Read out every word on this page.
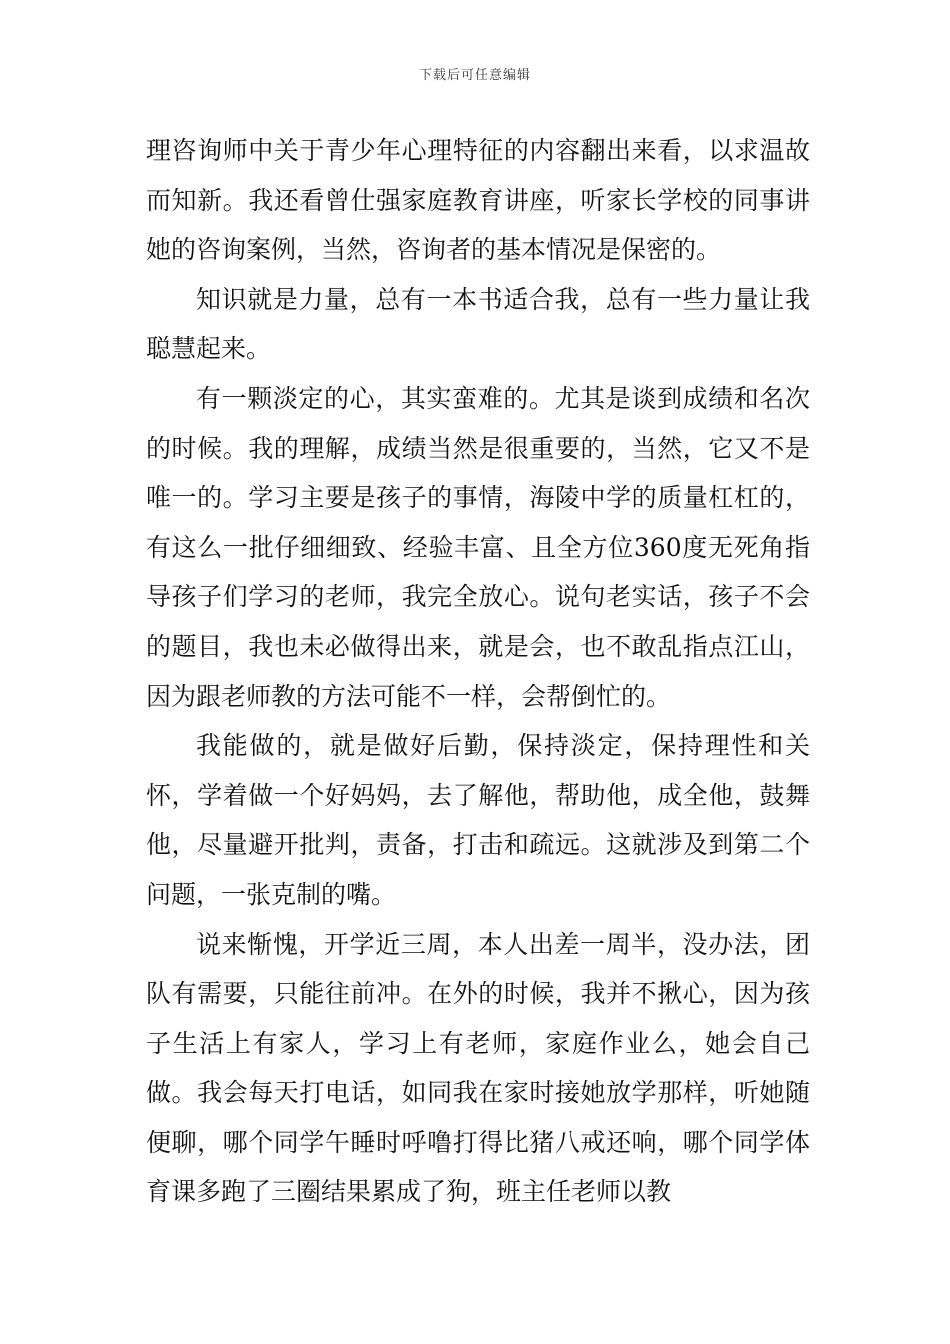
下载后可任意编辑

理咨询师中关于青少年心理特征的内容翻出来看，以求温故而知新。我还看曾仕强家庭教育讲座，听家长学校的同事讲她的咨询案例，当然，咨询者的基本情况是保密的。

知识就是力量，总有一本书适合我，总有一些力量让我聪慧起来。

有一颗淡定的心，其实蛮难的。尤其是谈到成绩和名次的时候。我的理解，成绩当然是很重要的，当然，它又不是唯一的。学习主要是孩子的事情，海陵中学的质量杠杠的，有这么一批仔细细致、经验丰富、且全方位360度无死角指导孩子们学习的老师，我完全放心。说句老实话，孩子不会的题目，我也未必做得出来，就是会，也不敢乱指点江山，因为跟老师教的方法可能不一样，会帮倒忙的。

我能做的，就是做好后勤，保持淡定，保持理性和关怀，学着做一个好妈妈，去了解他，帮助他，成全他，鼓舞他，尽量避开批判，责备，打击和疏远。这就涉及到第二个问题，一张克制的嘴。

说来惭愧，开学近三周，本人出差一周半，没办法，团队有需要，只能往前冲。在外的时候，我并不揪心，因为孩子生活上有家人，学习上有老师，家庭作业么，她会自己做。我会每天打电话，如同我在家时接她放学那样，听她随便聊，哪个同学午睡时呼噜打得比猪八戒还响，哪个同学体育课多跑了三圈结果累成了狗，班主任老师以教
